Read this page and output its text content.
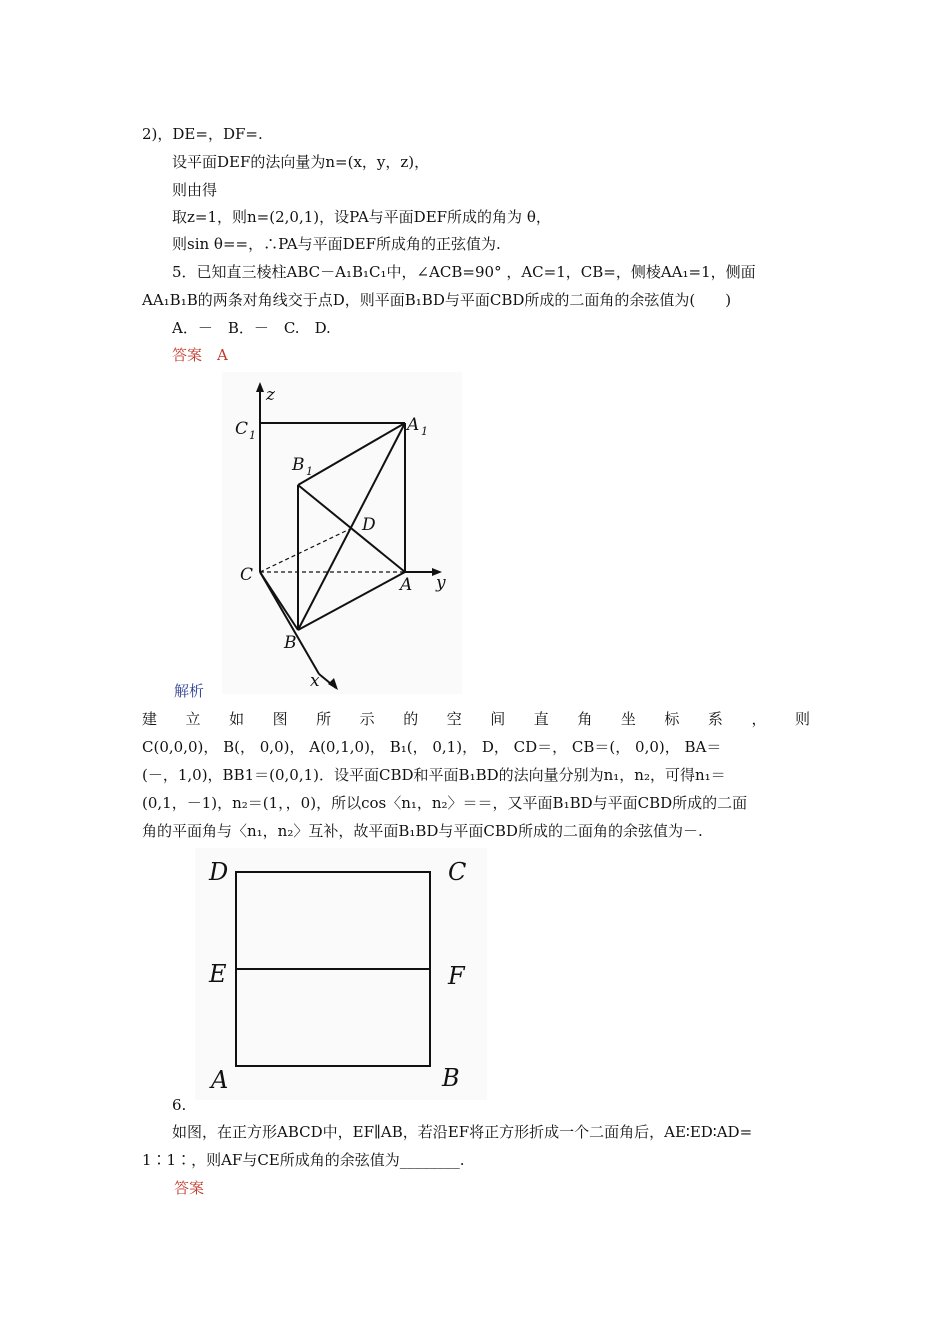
2)，DE=，DF=.
设平面DEF的法向量为n=(x，y，z)，
则由得
取z=1，则n=(2,0,1)，设PA与平面DEF所成的角为 θ，
则sin θ==，∴PA与平面DEF所成角的正弦值为.
5．已知直三棱柱ABC－A₁B₁C₁中，∠ACB=90° ，AC=1，CB=，侧棱AA₁=1，侧面
AA₁B₁B的两条对角线交于点D，则平面B₁BD与平面CBD所成的二面角的余弦值为(　　)
A．－　B．－　C.　D.
答案　A
z
C 1
A 1
B 1
D
C	A y
B
x
解析
建 立 如 图 所 示 的 空 间 直 角 坐 标 系 ， 则
C(0,0,0)， B(， 0,0)， A(0,1,0)， B₁(， 0,1)， D， CD＝， CB＝(， 0,0)， BA＝
(－，1,0)，BB1＝(0,0,1)．设平面CBD和平面B₁BD的法向量分别为n₁，n₂，可得n₁＝
(0,1，－1)，n₂＝(1，，0)，所以cos〈n₁，n₂〉＝＝，又平面B₁BD与平面CBD所成的二面
角的平面角与〈n₁，n₂〉互补，故平面B₁BD与平面CBD所成的二面角的余弦值为－.
D	C
E	F
A	B
6.
如图，在正方形ABCD中，EF∥AB，若沿EF将正方形折成一个二面角后，AE∶ED∶AD=
1∶1∶，则AF与CE所成角的余弦值为________.
答案
